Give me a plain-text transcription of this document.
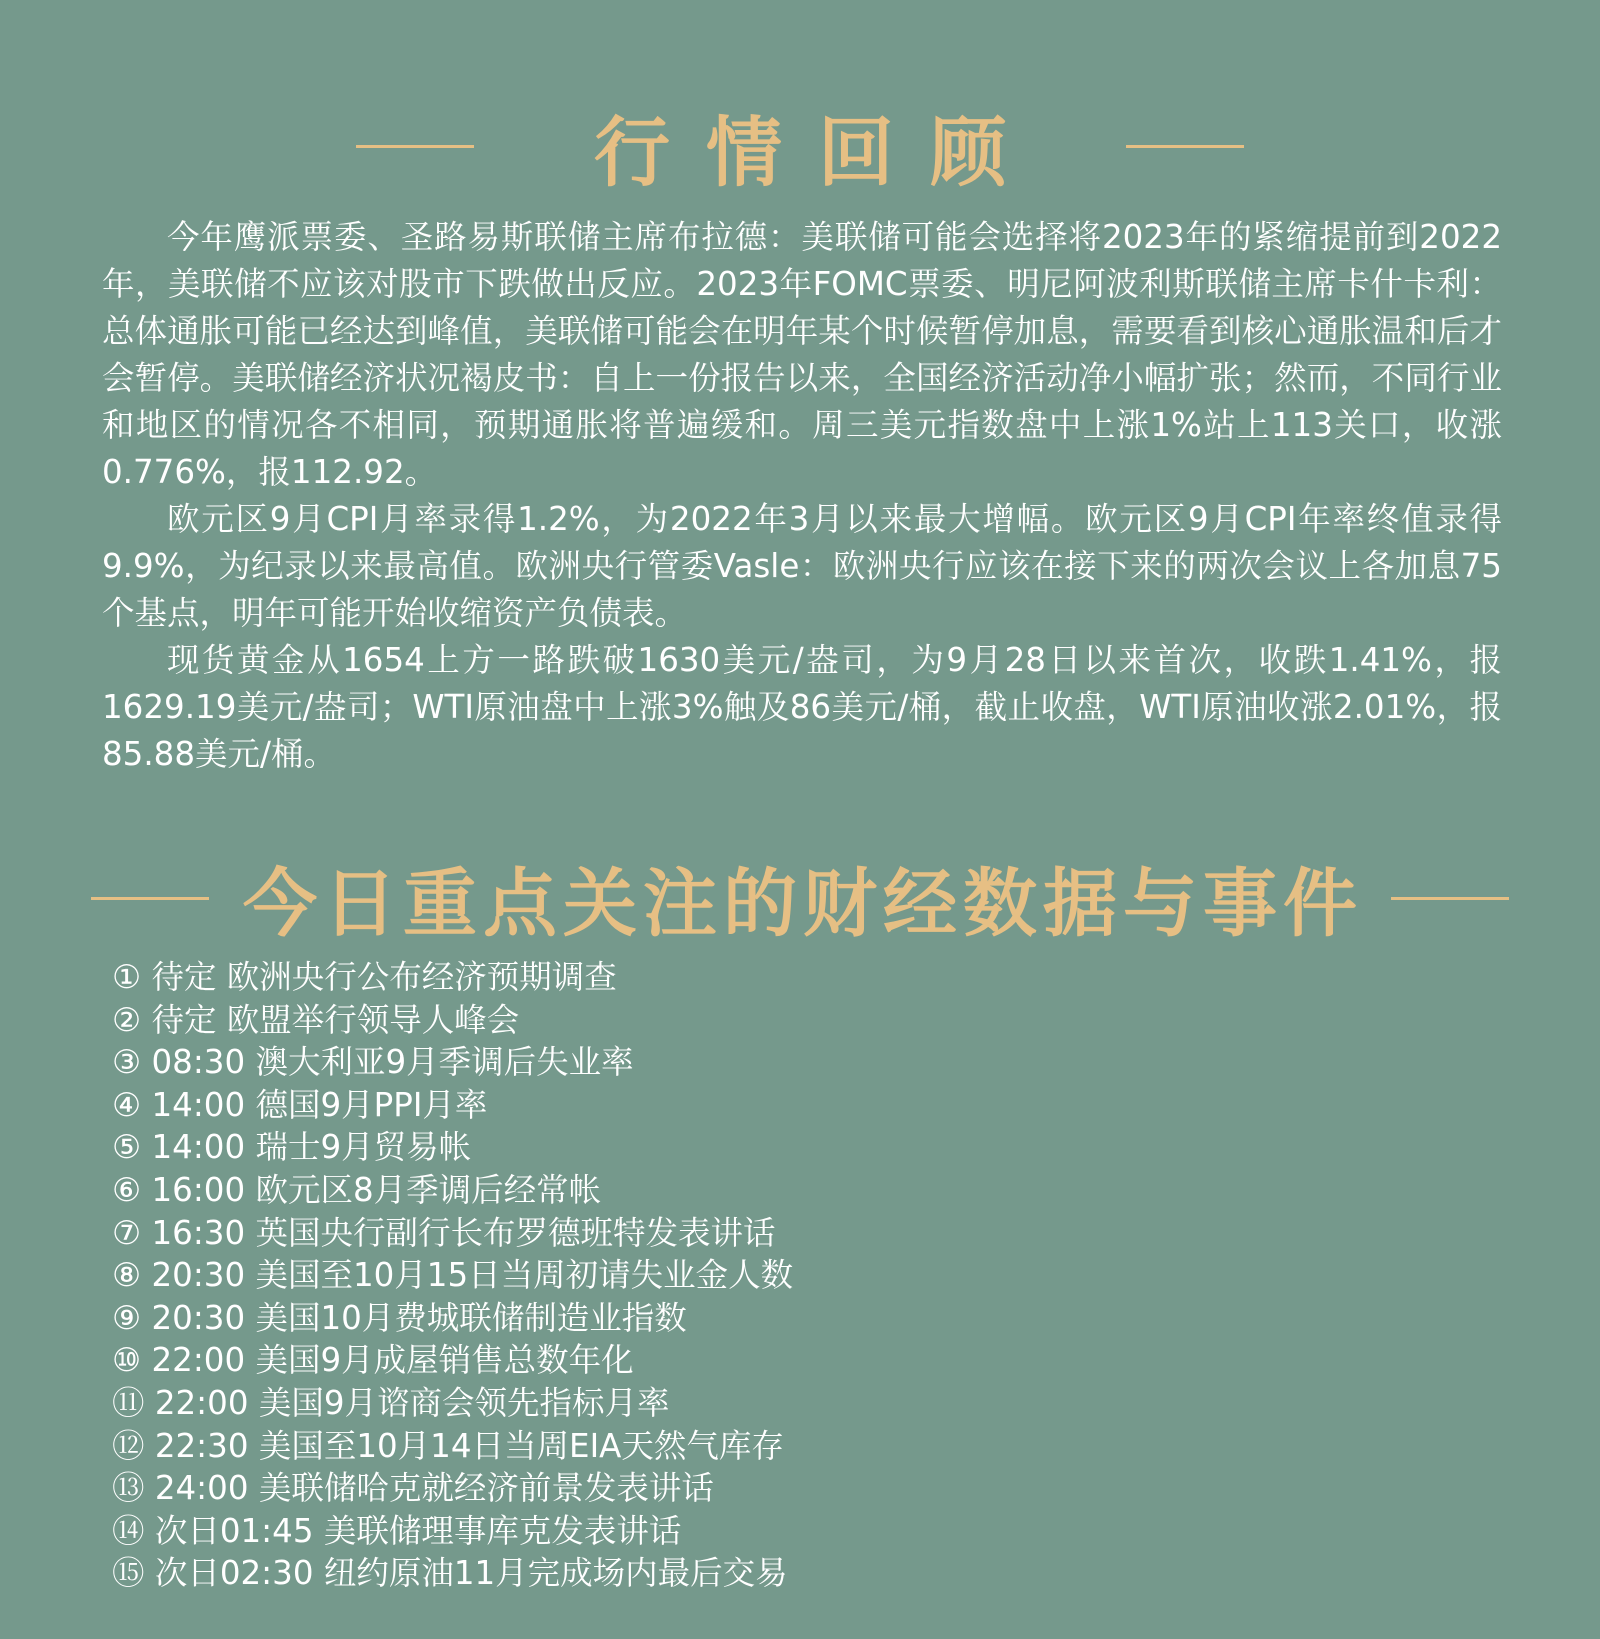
行情回顾

今年鹰派票委、圣路易斯联储主席布拉德：美联储可能会选择将2023年的紧缩提前到2022年，美联储不应该对股市下跌做出反应。2023年FOMC票委、明尼阿波利斯联储主席卡什卡利：总体通胀可能已经达到峰值，美联储可能会在明年某个时候暂停加息，需要看到核心通胀温和后才会暂停。美联储经济状况褐皮书：自上一份报告以来，全国经济活动净小幅扩张；然而，不同行业和地区的情况各不相同，预期通胀将普遍缓和。周三美元指数盘中上涨1%站上113关口，收涨0.776%，报112.92。

欧元区9月CPI月率录得1.2%，为2022年3月以来最大增幅。欧元区9月CPI年率终值录得9.9%，为纪录以来最高值。欧洲央行管委Vasle：欧洲央行应该在接下来的两次会议上各加息75个基点，明年可能开始收缩资产负债表。

现货黄金从1654上方一路跌破1630美元/盎司，为9月28日以来首次，收跌1.41%，报1629.19美元/盎司；WTI原油盘中上涨3%触及86美元/桶，截止收盘，WTI原油收涨2.01%，报85.88美元/桶。

今日重点关注的财经数据与事件
① 待定 欧洲央行公布经济预期调查
② 待定 欧盟举行领导人峰会
③ 08:30 澳大利亚9月季调后失业率
④ 14:00 德国9月PPI月率
⑤ 14:00 瑞士9月贸易帐
⑥ 16:00 欧元区8月季调后经常帐
⑦ 16:30 英国央行副行长布罗德班特发表讲话
⑧ 20:30 美国至10月15日当周初请失业金人数
⑨ 20:30 美国10月费城联储制造业指数
⑩ 22:00 美国9月成屋销售总数年化
⑪ 22:00 美国9月谘商会领先指标月率
⑫ 22:30 美国至10月14日当周EIA天然气库存
⑬ 24:00 美联储哈克就经济前景发表讲话
⑭ 次日01:45 美联储理事库克发表讲话
⑮ 次日02:30 纽约原油11月完成场内最后交易
